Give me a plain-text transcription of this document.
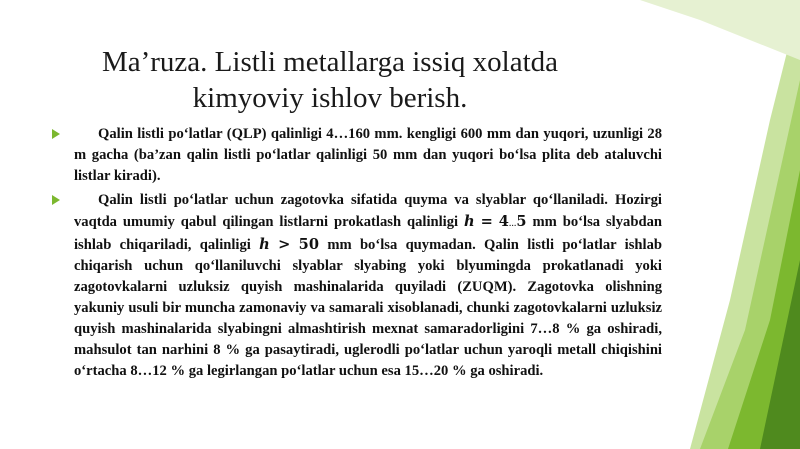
Ma’ruza. Listli metallarga issiq xolatda
kimyoviy ishlov berish.
Qalin listli po‘latlar (QLP) qalinligi 4…160 mm. kengligi 600 mm dan yuqori, uzunligi 28 m gacha (ba’zan qalin listli po‘latlar qalinligi 50 mm dan yuqori bo‘lsa plita deb ataluvchi listlar kiradi).
Qalin listli po‘latlar uchun zagotovka sifatida quyma va slyablar qo‘llaniladi. Hozirgi vaqtda umumiy qabul qilingan listlarni prokatlash qalinligi h = 4...5 mm bo‘lsa slyabdan ishlab chiqariladi, qalinligi h > 50 mm bo‘lsa quymadan. Qalin listli po‘latlar ishlab chiqarish uchun qo‘llaniluvchi slyablar slyabing yoki blyumingda prokatlanadi yoki zagotovkalarni uzluksiz quyish mashinalarida quyiladi (ZUQM). Zagotovka olishning yakuniy usuli bir muncha zamonaviy va samarali xisoblanadi, chunki zagotovkalarni uzluksiz quyish mashinalarida slyabingni almashtirish mexnat samaradorligini 7…8 % ga oshiradi, mahsulot tan narhini 8 % ga pasaytiradi, uglerodli po‘latlar uchun yaroqli metall chiqishini o‘rtacha 8…12 % ga legirlangan po‘latlar uchun esa 15…20 % ga oshiradi.
